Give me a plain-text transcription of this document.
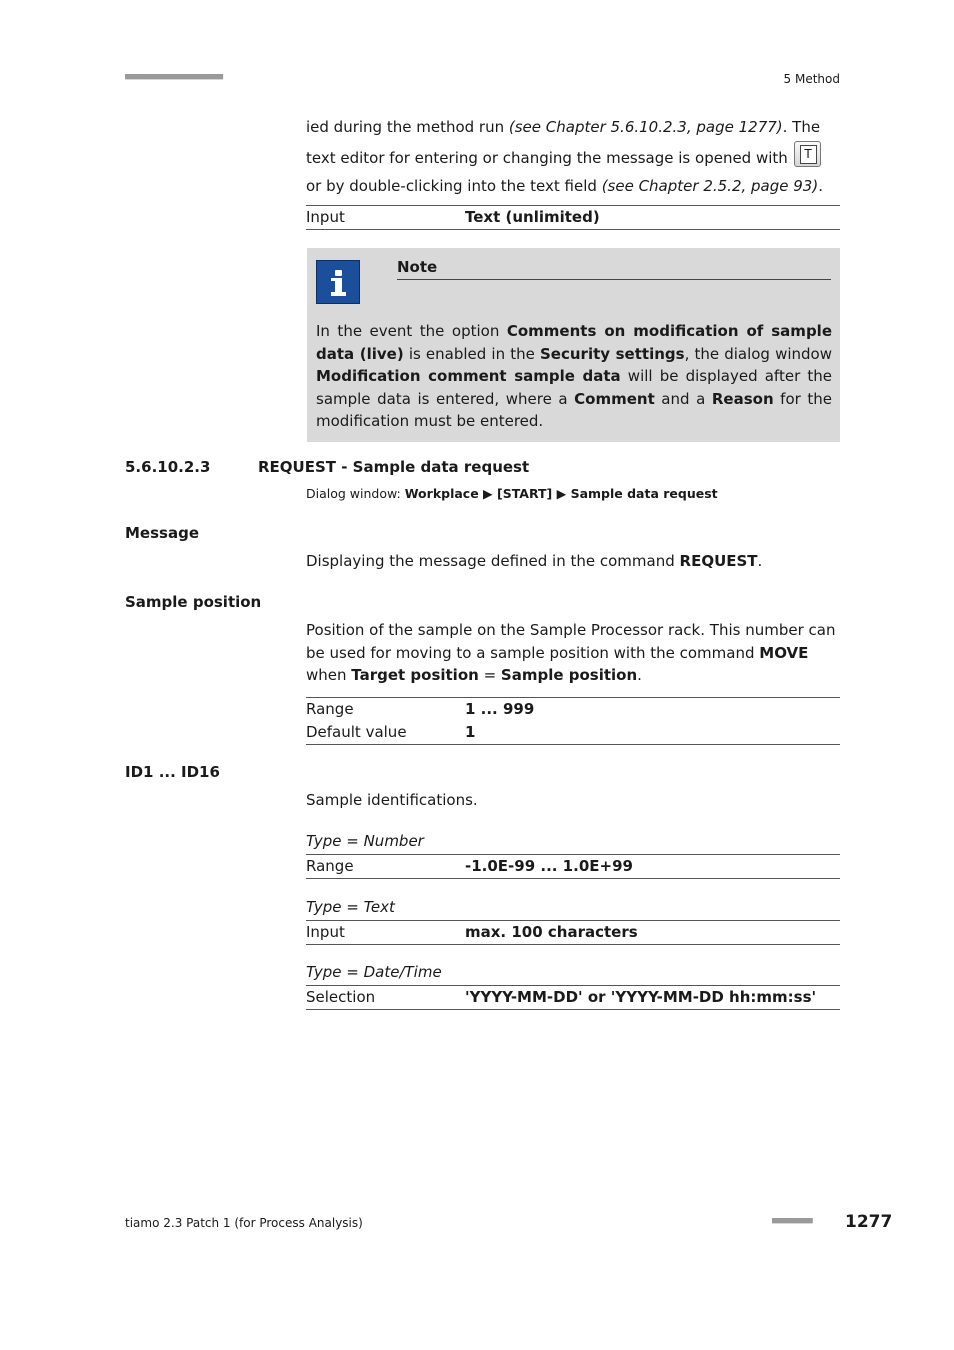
■■■■■■■■■■■■■■■■■■■■■■	5 Method
ied during the method run (see Chapter 5.6.10.2.3, page 1277). The text editor for entering or changing the message is opened with T
or by double-clicking into the text field (see Chapter 2.5.2, page 93).
Input	Text (unlimited)
Note
In the event the option Comments on modification of sample data (live) is enabled in the Security settings, the dialog window Modification comment sample data will be displayed after the sample data is entered, where a Comment and a Reason for the modification must be entered.
5.6.10.2.3	REQUEST - Sample data request
Dialog window: Workplace ▶ [START] ▶ Sample data request
Message
Displaying the message defined in the command REQUEST.
Sample position
Position of the sample on the Sample Processor rack. This number can be used for moving to a sample position with the command MOVE when Target position = Sample position.
Range	1 ... 999
Default value	1
ID1 ... ID16
Sample identifications.
Type = Number
Range	-1.0E-99 ... 1.0E+99
Type = Text
Input	max. 100 characters
Type = Date/Time
Selection	'YYYY-MM-DD' or 'YYYY-MM-DD hh:mm:ss'
tiamo 2.3 Patch 1 (for Process Analysis)	■■■■■■■■■ 1277
